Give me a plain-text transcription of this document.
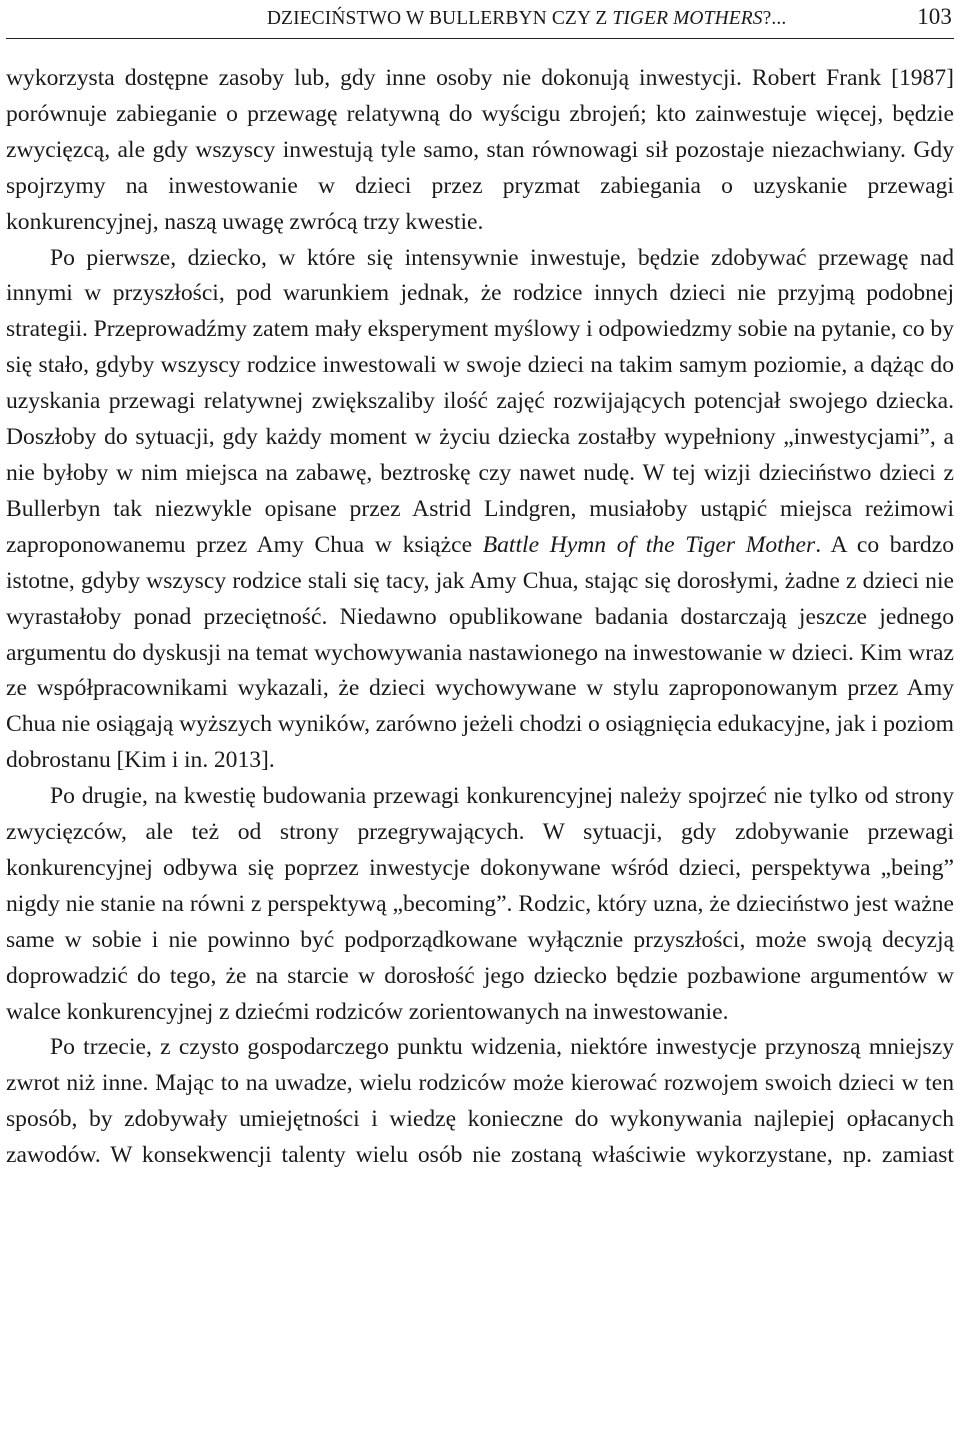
DZIECIŃSTWO W BULLERBYN CZY Z TIGER MOTHERS?...	103

wykorzysta dostępne zasoby lub, gdy inne osoby nie dokonują inwestycji. Robert Frank [1987] porównuje zabieganie o przewagę relatywną do wyścigu zbrojeń; kto zainwestuje więcej, będzie zwycięzcą, ale gdy wszyscy inwestują tyle samo, stan równowagi sił pozostaje niezachwiany. Gdy spojrzymy na inwestowanie w dzieci przez pryzmat zabiegania o uzyskanie przewagi konkurencyjnej, naszą uwagę zwrócą trzy kwestie.

Po pierwsze, dziecko, w które się intensywnie inwestuje, będzie zdobywać przewagę nad innymi w przyszłości, pod warunkiem jednak, że rodzice innych dzieci nie przyjmą podobnej strategii. Przeprowadźmy zatem mały eksperyment myślowy i odpowiedzmy sobie na pytanie, co by się stało, gdyby wszyscy rodzice inwestowali w swoje dzieci na takim samym poziomie, a dążąc do uzyskania przewagi relatywnej zwiększaliby ilość zajęć rozwijających potencjał swojego dziecka. Doszłoby do sytuacji, gdy każdy moment w życiu dziecka zostałby wypełniony „inwestycjami”, a nie byłoby w nim miejsca na zabawę, beztroskę czy nawet nudę. W tej wizji dzieciństwo dzieci z Bullerbyn tak niezwykle opisane przez Astrid Lindgren, musiałoby ustąpić miejsca reżimowi zaproponowanemu przez Amy Chua w książce Battle Hymn of the Tiger Mother. A co bardzo istotne, gdyby wszyscy rodzice stali się tacy, jak Amy Chua, stając się dorosłymi, żadne z dzieci nie wyrastałoby ponad przeciętność. Niedawno opublikowane badania dostarczają jeszcze jednego argumentu do dyskusji na temat wychowywania nastawionego na inwestowanie w dzieci. Kim wraz ze współpracownikami wykazali, że dzieci wychowywane w stylu zaproponowanym przez Amy Chua nie osiągają wyższych wyników, zarówno jeżeli chodzi o osiągnięcia edukacyjne, jak i poziom dobrostanu [Kim i in. 2013].

Po drugie, na kwestię budowania przewagi konkurencyjnej należy spojrzeć nie tylko od strony zwycięzców, ale też od strony przegrywających. W sytuacji, gdy zdobywanie przewagi konkurencyjnej odbywa się poprzez inwestycje dokonywane wśród dzieci, perspektywa „being” nigdy nie stanie na równi z perspektywą „becoming”. Rodzic, który uzna, że dzieciństwo jest ważne same w sobie i nie powinno być podporządkowane wyłącznie przyszłości, może swoją decyzją doprowadzić do tego, że na starcie w dorosłość jego dziecko będzie pozbawione argumentów w walce konkurencyjnej z dziećmi rodziców zorientowanych na inwestowanie.

Po trzecie, z czysto gospodarczego punktu widzenia, niektóre inwestycje przynoszą mniejszy zwrot niż inne. Mając to na uwadze, wielu rodziców może kierować rozwojem swoich dzieci w ten sposób, by zdobywały umiejętności i wiedzę konieczne do wykonywania najlepiej opłacanych zawodów. W konsekwencji talenty wielu osób nie zostaną właściwie wykorzystane, np. zamiast
